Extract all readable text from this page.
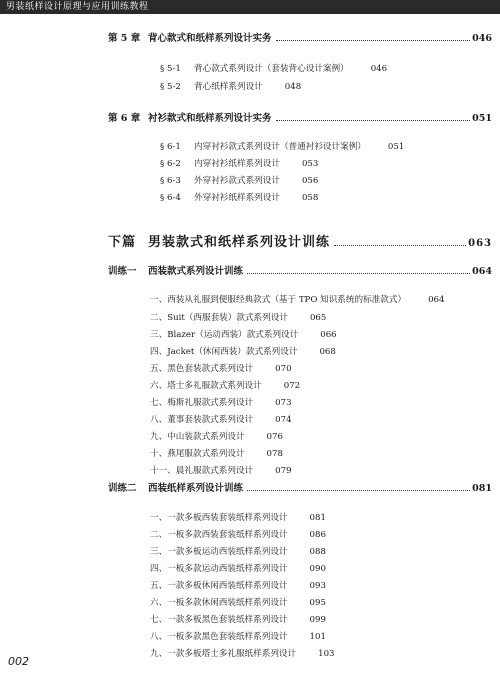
男装纸样设计原理与应用训练教程
第 5 章 背心款式和纸样系列设计实务	046
§ 5-1	背心款式系列设计（套装背心设计案例）	046
§ 5-2	背心纸样系列设计	048
第 6 章 衬衫款式和纸样系列设计实务	051
§ 6-1	内穿衬衫款式系列设计（普通衬衫设计案例）	051
§ 6-2	内穿衬衫纸样系列设计	053
§ 6-3	外穿衬衫款式系列设计	056
§ 6-4	外穿衬衫纸样系列设计	058
下篇 男装款式和纸样系列设计训练	063
训练一	西装款式系列设计训练	064
一、西装从礼服到便服经典款式（基于 TPO 知识系统的标准款式）	064
二、Suit（西服套装）款式系列设计	065
三、Blazer（运动西装）款式系列设计	066
四、Jacket（休闲西装）款式系列设计	068
五、黑色套装款式系列设计	070
六、塔士多礼服款式系列设计	072
七、梅斯礼服款式系列设计	073
八、董事套装款式系列设计	074
九、中山装款式系列设计	076
十、燕尾服款式系列设计	078
十一、晨礼服款式系列设计	079
训练二	西装纸样系列设计训练	081
一、一款多板西装套装纸样系列设计	081
二、一板多款西装套装纸样系列设计	086
三、一款多板运动西装纸样系列设计	088
四、一板多款运动西装纸样系列设计	090
五、一款多板休闲西装纸样系列设计	093
六、一板多款休闲西装纸样系列设计	095
七、一款多板黑色套装纸样系列设计	099
八、一板多款黑色套装纸样系列设计	101
九、一款多板塔士多礼服纸样系列设计	103
002
